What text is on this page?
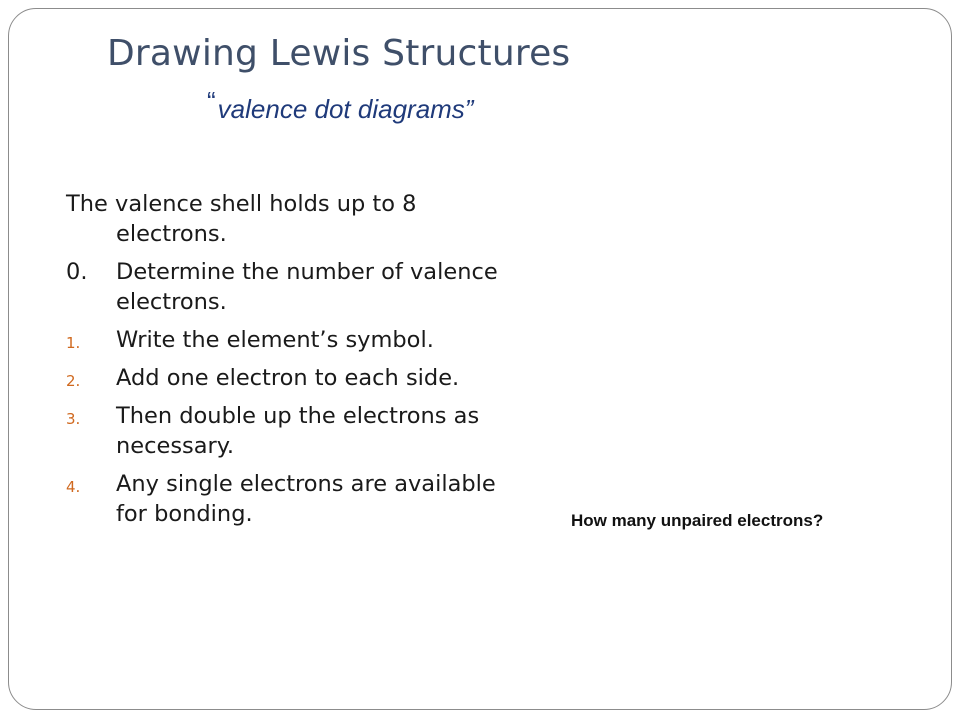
Drawing Lewis Structures
“valence dot diagrams”

The valence shell holds up to 8 electrons.

0.	Determine the number of valence electrons.
1.	Write the element’s symbol.
2.	Add one electron to each side.
3.	Then double up the electrons as necessary.
4.	Any single electrons are available for bonding.	How many unpaired electrons?
